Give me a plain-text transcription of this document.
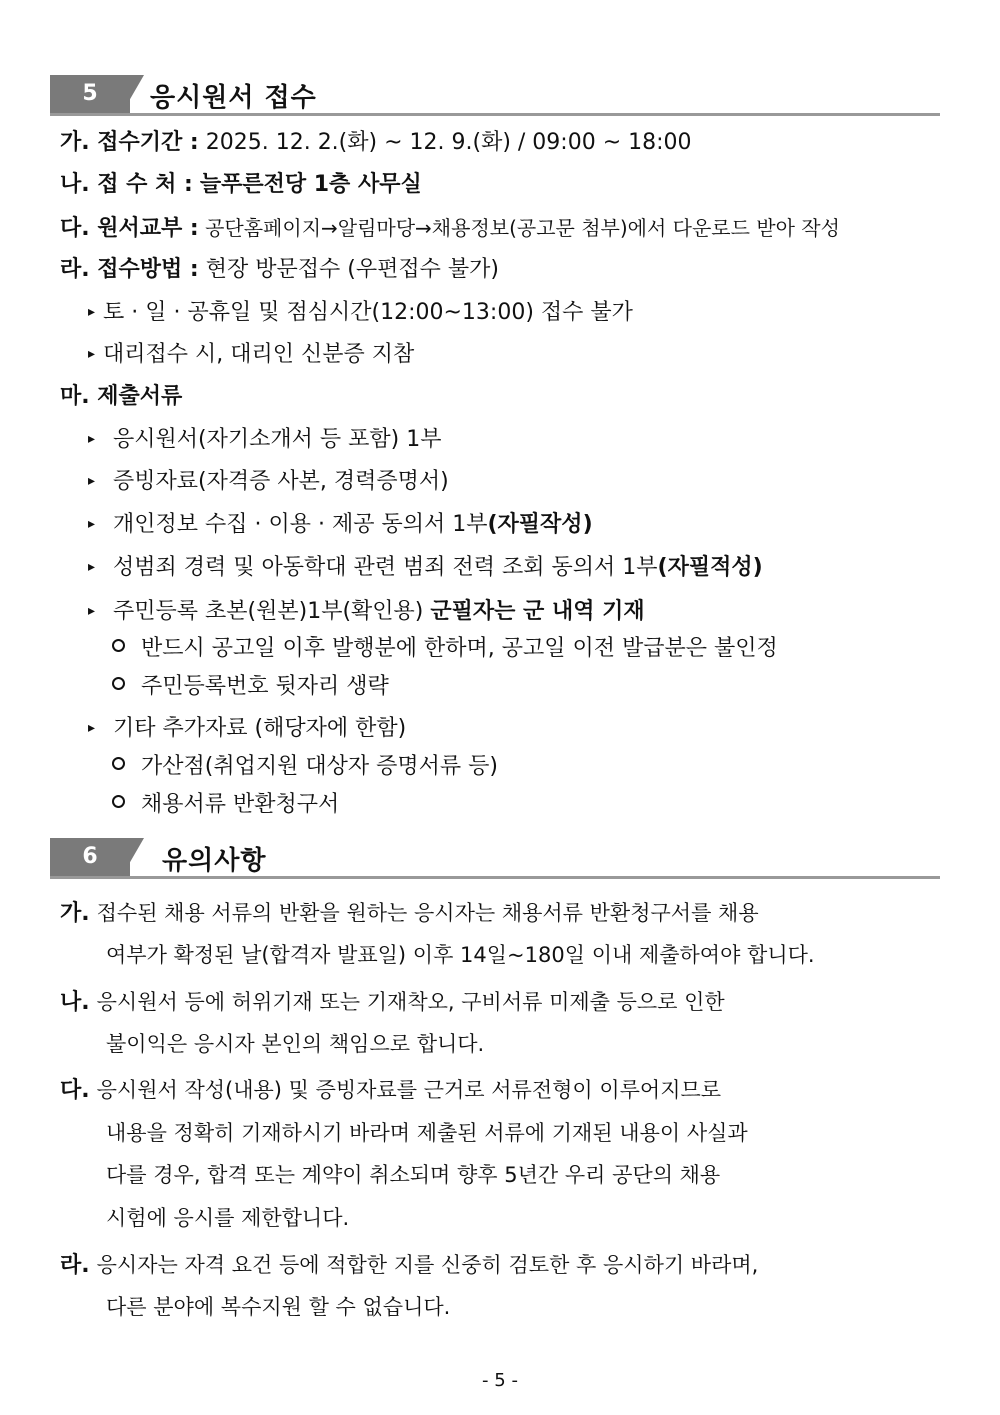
5	응시원서 접수
가. 접수기간 : 2025. 12. 2.(화) ~ 12. 9.(화) / 09:00 ~ 18:00
나. 접 수 처 : 늘푸른전당 1층 사무실
다. 원서교부 : 공단홈페이지→알림마당→채용정보(공고문 첨부)에서 다운로드 받아 작성
라. 접수방법 : 현장 방문접수 (우편접수 불가)
▸ 토 · 일 · 공휴일 및 점심시간(12:00~13:00) 접수 불가
▸ 대리접수 시, 대리인 신분증 지참
마. 제출서류
▸ 응시원서(자기소개서 등 포함) 1부
▸ 증빙자료(자격증 사본, 경력증명서)
▸ 개인정보 수집 · 이용 · 제공 동의서 1부(자필작성)
▸ 성범죄 경력 및 아동학대 관련 범죄 전력 조회 동의서 1부(자필적성)
▸ 주민등록 초본(원본)1부(확인용) 군필자는 군 내역 기재
반드시 공고일 이후 발행분에 한하며, 공고일 이전 발급분은 불인정
주민등록번호 뒷자리 생략
▸ 기타 추가자료 (해당자에 한함)
가산점(취업지원 대상자 증명서류 등)
채용서류 반환청구서
6	유의사항
가. 접수된 채용 서류의 반환을 원하는 응시자는 채용서류 반환청구서를 채용
여부가 확정된 날(합격자 발표일) 이후 14일~180일 이내 제출하여야 합니다.
나. 응시원서 등에 허위기재 또는 기재착오, 구비서류 미제출 등으로 인한
불이익은 응시자 본인의 책임으로 합니다.
다. 응시원서 작성(내용) 및 증빙자료를 근거로 서류전형이 이루어지므로
내용을 정확히 기재하시기 바라며 제출된 서류에 기재된 내용이 사실과
다를 경우, 합격 또는 계약이 취소되며 향후 5년간 우리 공단의 채용
시험에 응시를 제한합니다.
라. 응시자는 자격 요건 등에 적합한 지를 신중히 검토한 후 응시하기 바라며,
다른 분야에 복수지원 할 수 없습니다.
- 5 -
